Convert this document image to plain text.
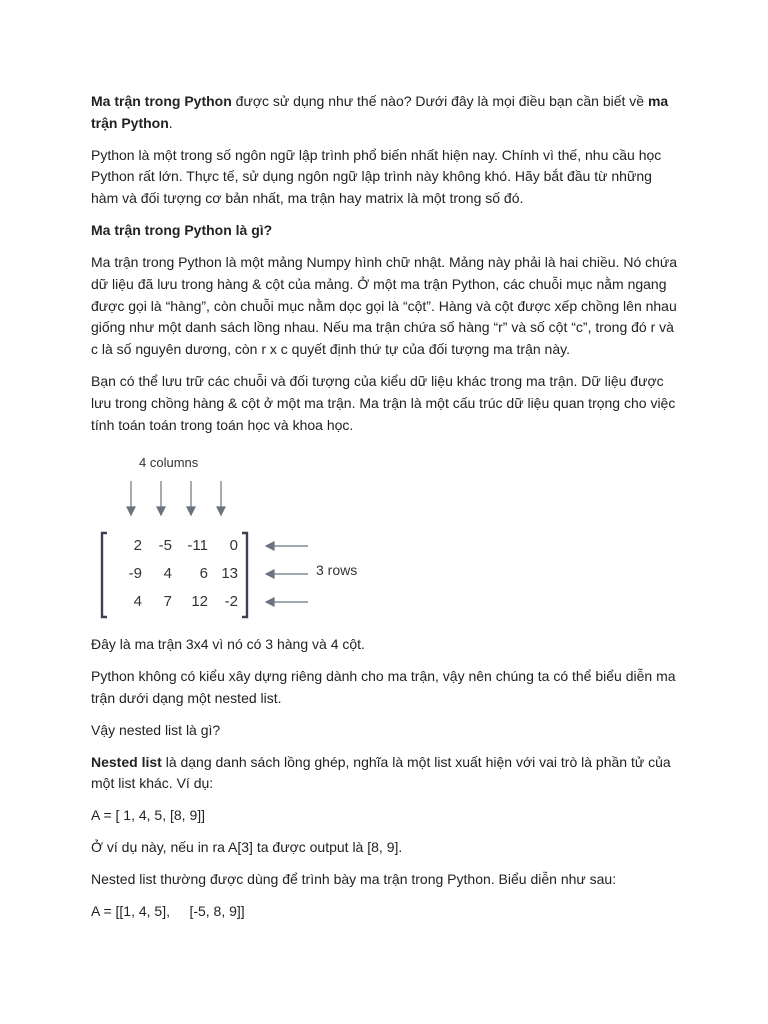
Ma trận trong Python được sử dụng như thế nào? Dưới đây là mọi điều bạn cần biết về ma trận Python.

Python là một trong số ngôn ngữ lập trình phổ biến nhất hiện nay. Chính vì thế, nhu cầu học Python rất lớn. Thực tế, sử dụng ngôn ngữ lập trình này không khó. Hãy bắt đầu từ những hàm và đối tượng cơ bản nhất, ma trận hay matrix là một trong số đó.

Ma trận trong Python là gì?

Ma trận trong Python là một mảng Numpy hình chữ nhật. Mảng này phải là hai chiều. Nó chứa dữ liệu đã lưu trong hàng & cột của mảng. Ở một ma trận Python, các chuỗi mục nằm ngang được gọi là “hàng”, còn chuỗi mục nằm dọc gọi là “cột”. Hàng và cột được xếp chồng lên nhau giống như một danh sách lồng nhau. Nếu ma trận chứa số hàng “r” và số cột “c”, trong đó r và c là số nguyên dương, còn r x c quyết định thứ tự của đối tượng ma trận này.

Bạn có thể lưu trữ các chuỗi và đối tượng của kiểu dữ liệu khác trong ma trận. Dữ liệu được lưu trong chồng hàng & cột ở một ma trận. Ma trận là một cấu trúc dữ liệu quan trọng cho việc tính toán toán trong toán học và khoa học.

4 columns
3 rows
2	-5	-11	0
-9	4	6 13
4	7	12	-2

Đây là ma trận 3x4 vì nó có 3 hàng và 4 cột.

Python không có kiểu xây dựng riêng dành cho ma trận, vậy nên chúng ta có thể biểu diễn ma trận dưới dạng một nested list.

Vậy nested list là gì?

Nested list là dạng danh sách lồng ghép, nghĩa là một list xuất hiện với vai trò là phần tử của một list khác. Ví dụ:

A = [ 1, 4, 5, [8, 9]]

Ở ví dụ này, nếu in ra A[3] ta được output là [8, 9].

Nested list thường được dùng để trình bày ma trận trong Python. Biểu diễn như sau:

A = [[1, 4, 5],     [-5, 8, 9]]
